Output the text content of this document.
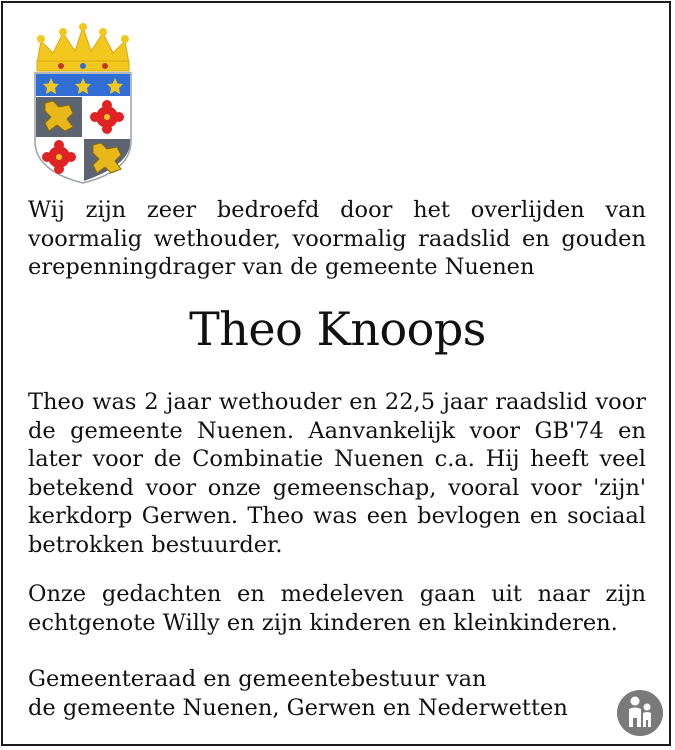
Wij zijn zeer bedroefd door het overlijden van voormalig wethouder, voormalig raadslid en gouden erepenningdrager van de gemeente Nuenen
Theo Knoops
Theo was 2 jaar wethouder en 22,5 jaar raadslid voor de gemeente Nuenen. Aanvankelijk voor GB'74 en later voor de Combinatie Nuenen c.a. Hij heeft veel betekend voor onze gemeenschap, vooral voor 'zijn' kerkdorp Gerwen. Theo was een bevlogen en sociaal betrokken bestuurder.
Onze gedachten en medeleven gaan uit naar zijn echtgenote Willy en zijn kinderen en kleinkinderen.
Gemeenteraad en gemeentebestuur van
de gemeente Nuenen, Gerwen en Nederwetten
